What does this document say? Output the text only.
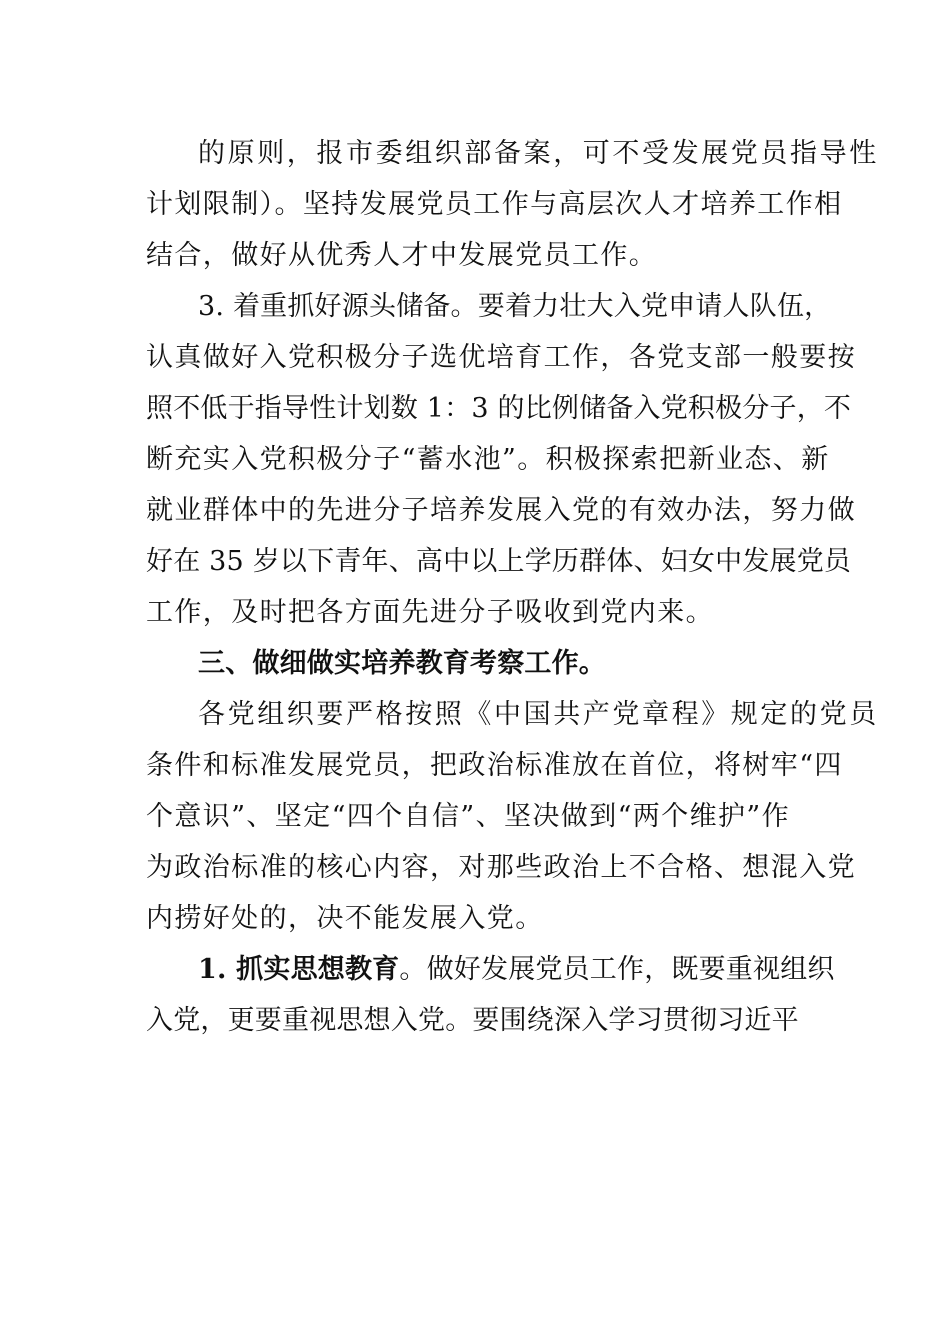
的原则，报市委组织部备案，可不受发展党员指导性
计划限制）。坚持发展党员工作与高层次人才培养工作相
结合，做好从优秀人才中发展党员工作。
3. 着重抓好源头储备。要着力壮大入党申请人队伍，
认真做好入党积极分子选优培育工作，各党支部一般要按
照不低于指导性计划数 1：3 的比例储备入党积极分子，不
断充实入党积极分子“蓄水池”。积极探索把新业态、新
就业群体中的先进分子培养发展入党的有效办法，努力做
好在 35 岁以下青年、高中以上学历群体、妇女中发展党员
工作，及时把各方面先进分子吸收到党内来。
三、做细做实培养教育考察工作。
各党组织要严格按照《中国共产党章程》规定的党员
条件和标准发展党员，把政治标准放在首位，将树牢“四
个意识”、坚定“四个自信”、坚决做到“两个维护”作
为政治标准的核心内容，对那些政治上不合格、想混入党
内捞好处的，决不能发展入党。
1. 抓实思想教育。做好发展党员工作，既要重视组织
入党，更要重视思想入党。要围绕深入学习贯彻习近平
